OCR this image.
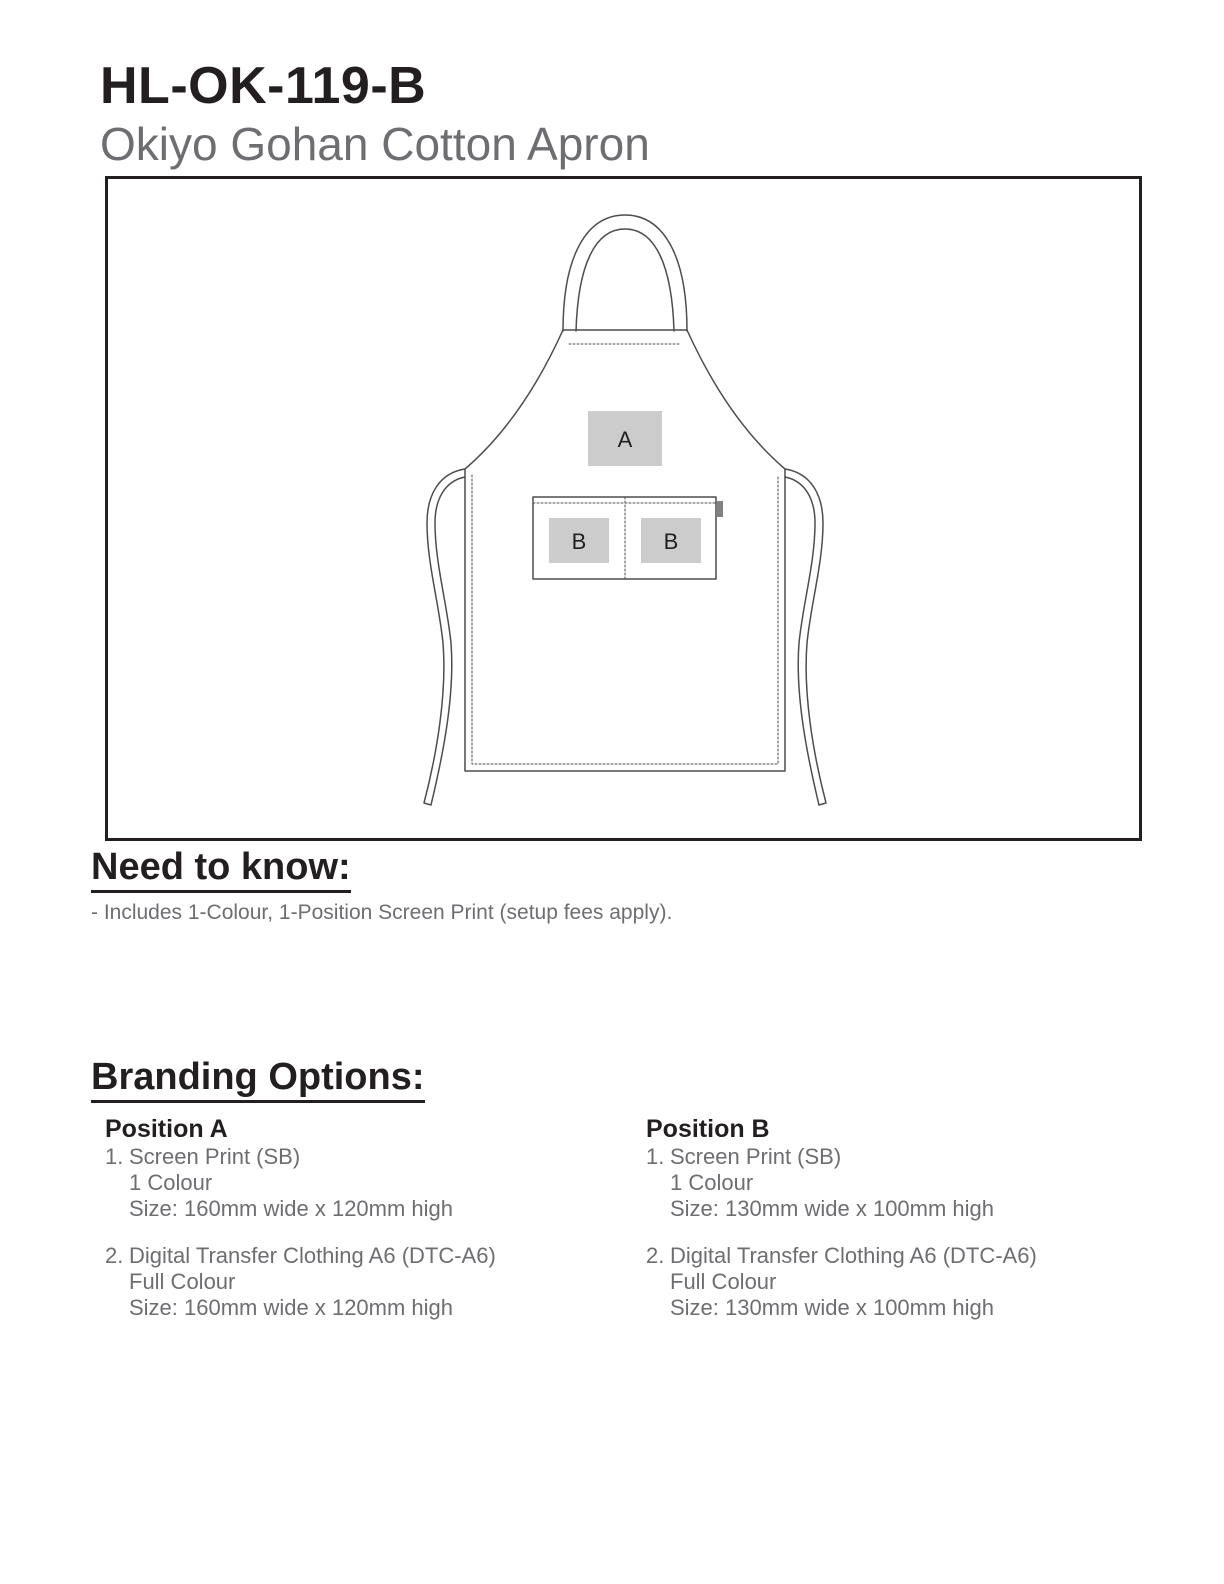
HL-OK-119-B
Okiyo Gohan Cotton Apron
A
B	B
Need to know:
- Includes 1-Colour, 1-Position Screen Print (setup fees apply).
Branding Options:
Position A
1. Screen Print (SB)
1 Colour
Size: 160mm wide x 120mm high
2. Digital Transfer Clothing A6 (DTC-A6)
Full Colour
Size: 160mm wide x 120mm high
Position B
1. Screen Print (SB)
1 Colour
Size: 130mm wide x 100mm high
2. Digital Transfer Clothing A6 (DTC-A6)
Full Colour
Size: 130mm wide x 100mm high
